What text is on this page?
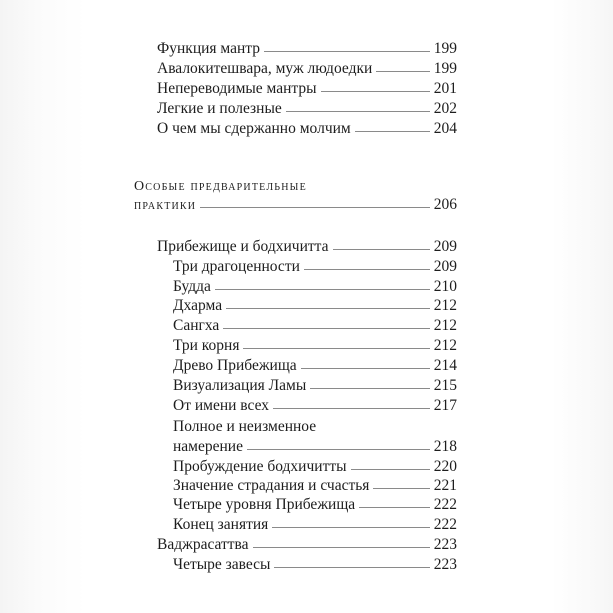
Функция мантр	199
Авалокитешвара, муж людоедки	199
Непереводимые мантры	201
Легкие и полезные	202
О чем мы сдержанно молчим	204
Особые предварительные
практики	206
Прибежище и бодхичитта	209
Три драгоценности	209
Будда	210
Дхарма	212
Сангха	212
Три корня	212
Древо Прибежища	214
Визуализация Ламы	215
От имени всех	217
Полное и неизменное
намерение	218
Пробуждение бодхичитты	220
Значение страдания и счастья	221
Четыре уровня Прибежища	222
Конец занятия	222
Ваджрасаттва	223
Четыре завесы	223
